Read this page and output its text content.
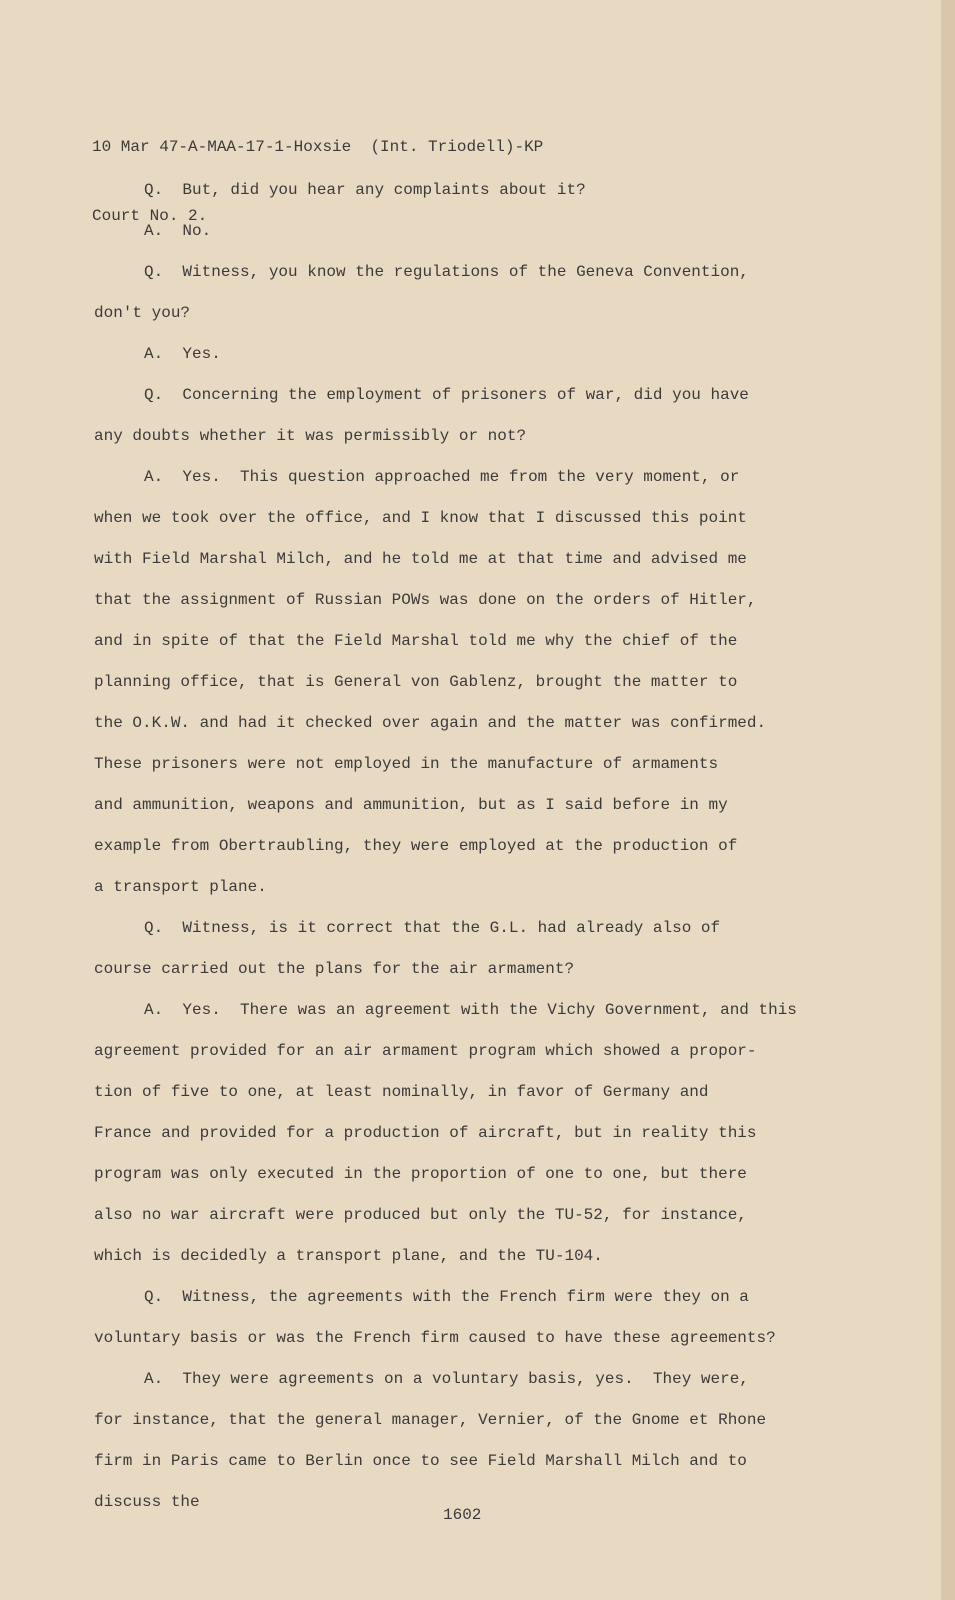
10 Mar 47-A-MAA-17-1-Hoxsie  (Int. Triodell)-KP

Court No. 2.

Q.  But, did you hear any complaints about it?
A.  No.
Q.  Witness, you know the regulations of the Geneva Convention,
don't you?
A.  Yes.
Q.  Concerning the employment of prisoners of war, did you have
any doubts whether it was permissibly or not?
A.  Yes.  This question approached me from the very moment, or
when we took over the office, and I know that I discussed this point
with Field Marshal Milch, and he told me at that time and advised me
that the assignment of Russian POWs was done on the orders of Hitler,
and in spite of that the Field Marshal told me why the chief of the
planning office, that is General von Gablenz, brought the matter to
the O.K.W. and had it checked over again and the matter was confirmed.
These prisoners were not employed in the manufacture of armaments
and ammunition, weapons and ammunition, but as I said before in my
example from Obertraubling, they were employed at the production of
a transport plane.
Q.  Witness, is it correct that the G.L. had already also of
course carried out the plans for the air armament?
A.  Yes.  There was an agreement with the Vichy Government, and this
agreement provided for an air armament program which showed a propor-
tion of five to one, at least nominally, in favor of Germany and
France and provided for a production of aircraft, but in reality this
program was only executed in the proportion of one to one, but there
also no war aircraft were produced but only the TU-52, for instance,
which is decidedly a transport plane, and the TU-104.
Q.  Witness, the agreements with the French firm were they on a
voluntary basis or was the French firm caused to have these agreements?
A.  They were agreements on a voluntary basis, yes.  They were,
for instance, that the general manager, Vernier, of the Gnome et Rhone
firm in Paris came to Berlin once to see Field Marshall Milch and to
discuss the
1602
